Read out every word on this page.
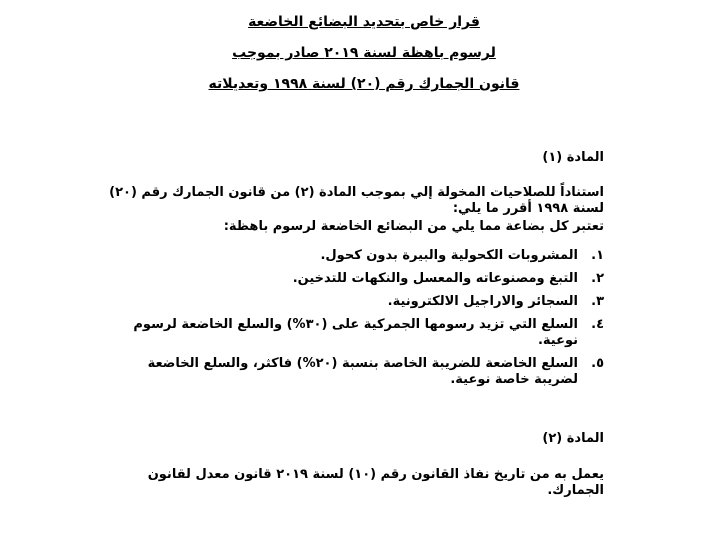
قرار خاص بتحديد البضائع الخاضعة
لرسوم باهظة لسنة ٢٠١٩ صادر بموجب
قانون الجمارك رقم (٢٠) لسنة ١٩٩٨ وتعديلاته
المادة (١)
استناداً للصلاحيات المخولة إلي بموجب المادة (٢) من قانون الجمارك رقم (٢٠) لسنة ١٩٩٨ أقرر ما يلي:
تعتبر كل بضاعة مما يلي من البضائع الخاضعة لرسوم باهظة:
١.
المشروبات الكحولية والبيرة بدون كحول.
٢.
التبغ ومصنوعاته والمعسل والنكهات للتدخين.
٣.
السجائر والاراجيل الالكترونية.
٤.
السلع التي تزيد رسومها الجمركية على (٣٠%) والسلع الخاضعة لرسوم نوعية.
٥.
السلع الخاضعة للضريبة الخاصة بنسبة (٢٠%) فاكثر، والسلع الخاضعة لضريبة خاصة نوعية.
المادة (٢)
يعمل به من تاريخ نفاذ القانون رقم (١٠) لسنة ٢٠١٩ قانون معدل لقانون الجمارك.
